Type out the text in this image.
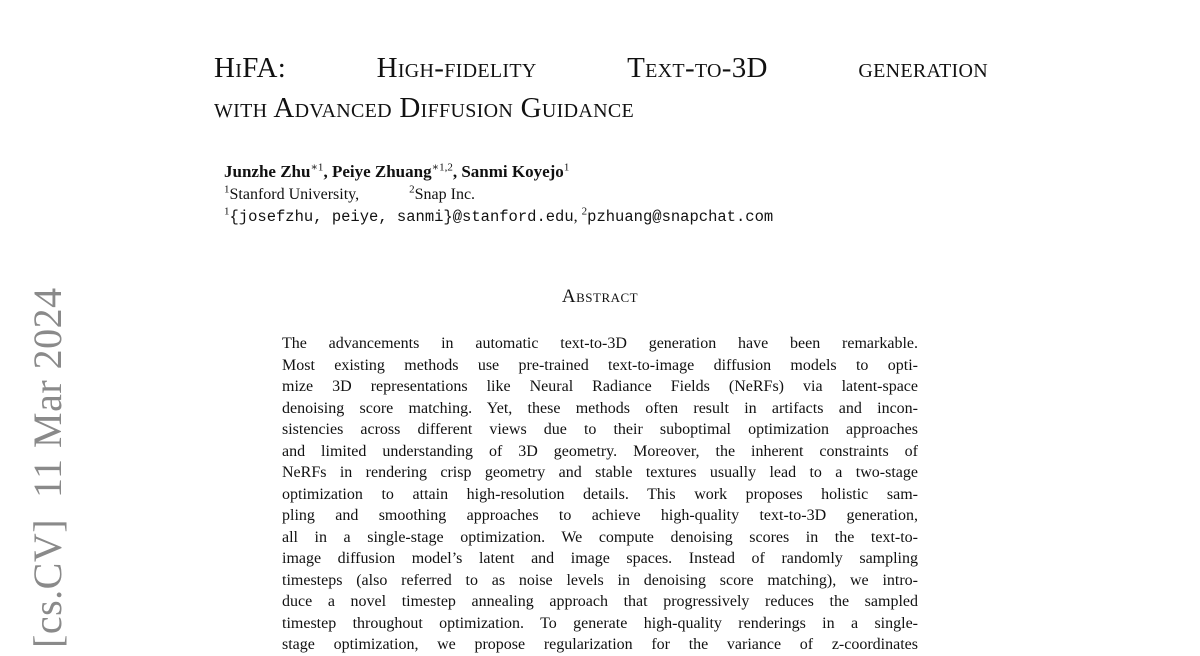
[cs.CV]  11 Mar 2024
HiFA:	High-fidelity	Text-to-3D	generation
with Advanced Diffusion Guidance
Junzhe Zhu$^{∗1}$, Peiye Zhuang$^{∗1,2}$, Sanmi Koyejo$^1$
$^1$Stanford University,	$^2$Snap Inc.
$^1${josefzhu, peiye, sanmi}@stanford.edu, $^2$pzhuang@snapchat.com
Abstract
The advancements in automatic text-to-3D generation have been remarkable.
Most existing methods use pre-trained text-to-image diffusion models to opti-
mize 3D representations like Neural Radiance Fields (NeRFs) via latent-space
denoising score matching. Yet, these methods often result in artifacts and incon-
sistencies across different views due to their suboptimal optimization approaches
and limited understanding of 3D geometry. Moreover, the inherent constraints of
NeRFs in rendering crisp geometry and stable textures usually lead to a two-stage
optimization to attain high-resolution details. This work proposes holistic sam-
pling and smoothing approaches to achieve high-quality text-to-3D generation,
all in a single-stage optimization. We compute denoising scores in the text-to-
image diffusion model’s latent and image spaces. Instead of randomly sampling
timesteps (also referred to as noise levels in denoising score matching), we intro-
duce a novel timestep annealing approach that progressively reduces the sampled
timestep throughout optimization. To generate high-quality renderings in a single-
stage optimization, we propose regularization for the variance of z-coordinates
